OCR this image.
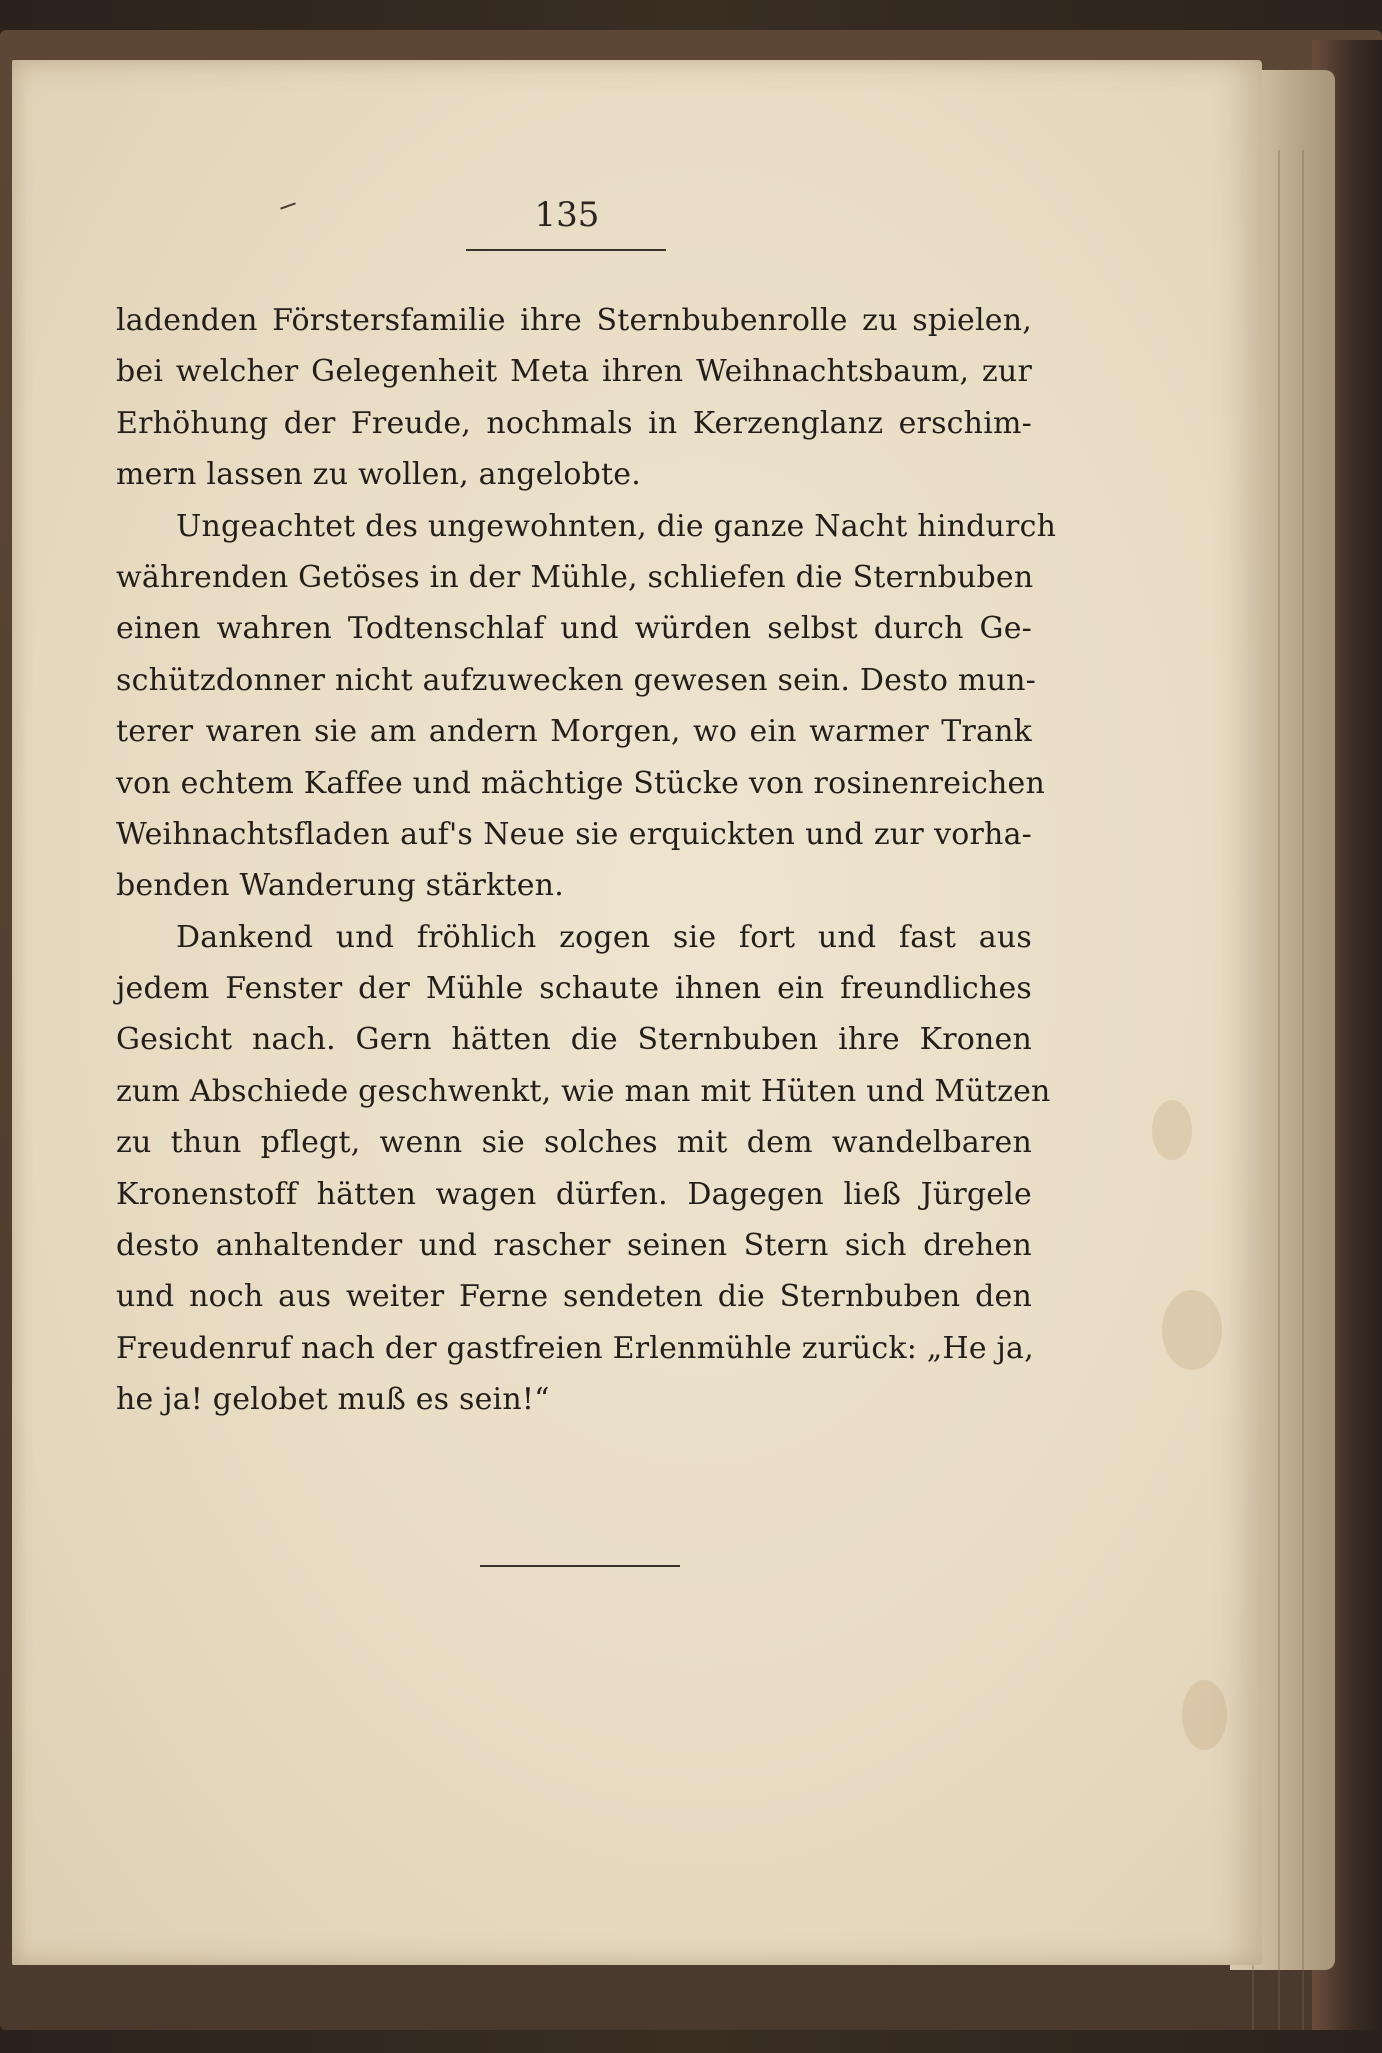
135
ladenden Förstersfamilie ihre Sternbubenrolle zu spielen,
bei welcher Gelegenheit Meta ihren Weihnachtsbaum, zur
Erhöhung der Freude, nochmals in Kerzenglanz erschim-
mern lassen zu wollen, angelobte.
Ungeachtet des ungewohnten, die ganze Nacht hindurch
währenden Getöses in der Mühle, schliefen die Sternbuben
einen wahren Todtenschlaf und würden selbst durch Ge-
schützdonner nicht aufzuwecken gewesen sein. Desto mun-
terer waren sie am andern Morgen, wo ein warmer Trank
von echtem Kaffee und mächtige Stücke von rosinenreichen
Weihnachtsfladen auf's Neue sie erquickten und zur vorha-
benden Wanderung stärkten.
Dankend und fröhlich zogen sie fort und fast aus
jedem Fenster der Mühle schaute ihnen ein freundliches
Gesicht nach. Gern hätten die Sternbuben ihre Kronen
zum Abschiede geschwenkt, wie man mit Hüten und Mützen
zu thun pflegt, wenn sie solches mit dem wandelbaren
Kronenstoff hätten wagen dürfen. Dagegen ließ Jürgele
desto anhaltender und rascher seinen Stern sich drehen
und noch aus weiter Ferne sendeten die Sternbuben den
Freudenruf nach der gastfreien Erlenmühle zurück: „He ja,
he ja! gelobet muß es sein!“
